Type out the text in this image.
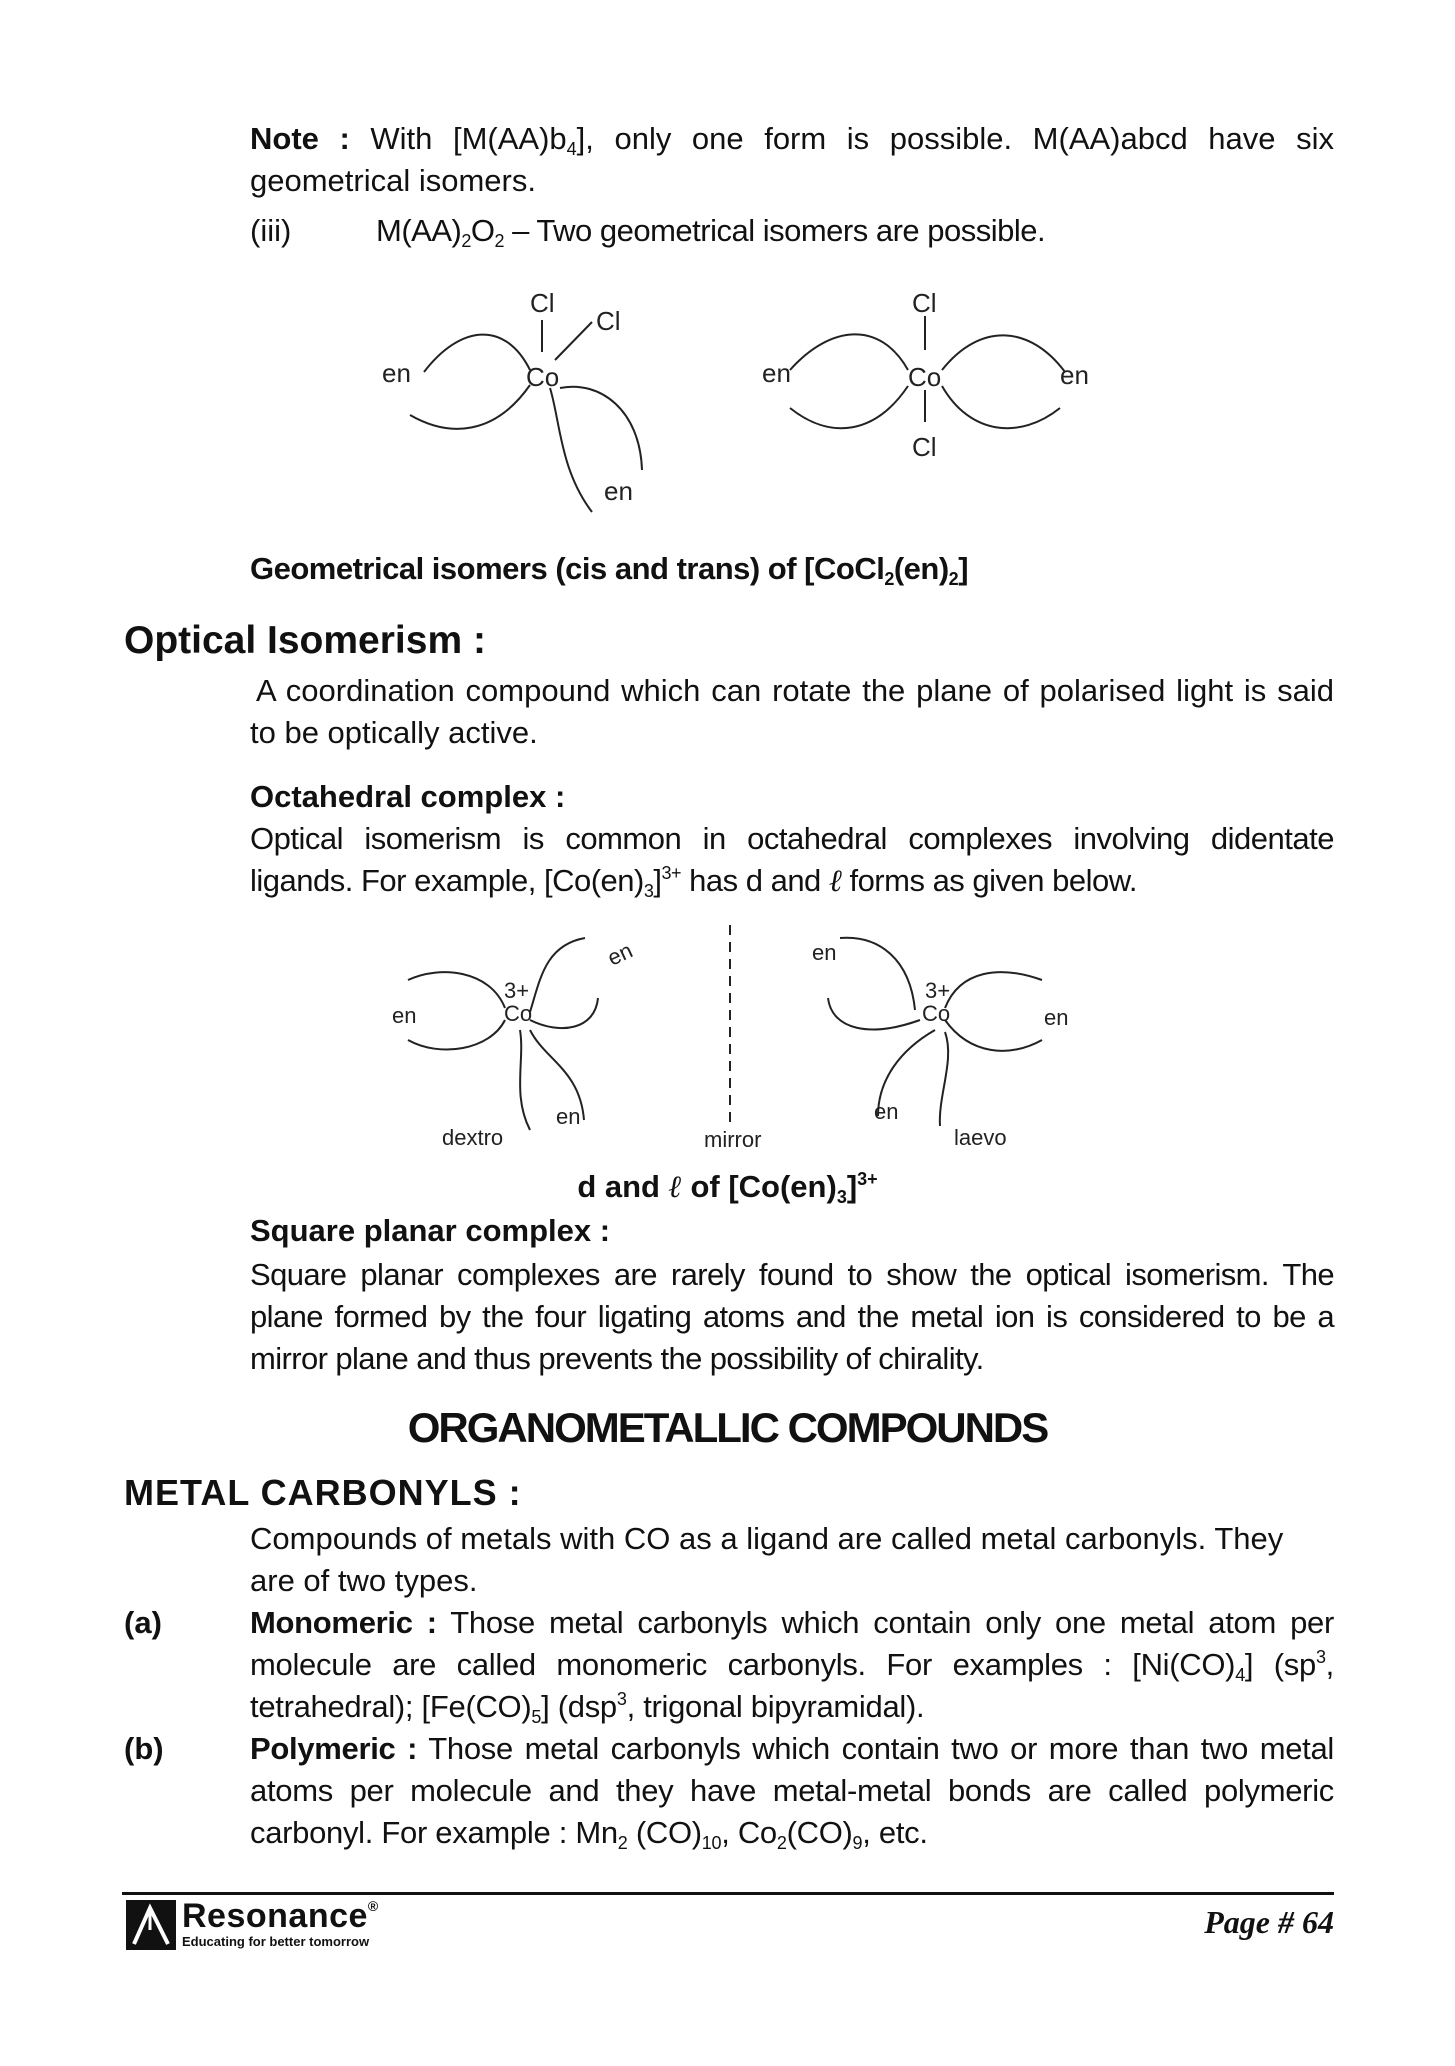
Note : With $[M(AA)b_4]$, only one form is possible. M(AA)abcd have six geometrical isomers.
(iii)	$M(AA)_2O_2$ – Two geometrical isomers are possible.
Cl
Cl
Co
en
en
Cl
Co
Cl
en	en
Geometrical isomers (cis and trans) of $[CoCl_2(en)_2]$
Optical Isomerism :
A coordination compound which can rotate the plane of polarised light is said to be optically active.
Octahedral complex :
Optical isomerism is common in octahedral complexes involving didentate ligands. For example, $[Co(en)_3]^{3+}$ has d and ℓ forms as given below.
3+
Co
en
en
en
dextro	mirror
en
3+
Co	en
en
laevo
d and ℓ of $[Co(en)_3]^{3+}$
Square planar complex :
Square planar complexes are rarely found to show the optical isomerism. The plane formed by the four ligating atoms and the metal ion is considered to be a mirror plane and thus prevents the possibility of chirality.
ORGANOMETALLIC COMPOUNDS
METAL CARBONYLS :
Compounds of metals with CO as a ligand are called metal carbonyls. They are of two types.
(a)	Monomeric : Those metal carbonyls which contain only one metal atom per molecule are called monomeric carbonyls. For examples : $[Ni(CO)_4]$ ($sp^3$, tetrahedral); $[Fe(CO)_5]$ (dsp$^3$, trigonal bipyramidal).
(b)	Polymeric : Those metal carbonyls which contain two or more than two metal atoms per molecule and they have metal-metal bonds are called polymeric carbonyl. For example : $Mn_2$ $(CO)_{10}$, $Co_2(CO)_9$, etc.
Resonance®
Educating for better tomorrow
Page # 64
